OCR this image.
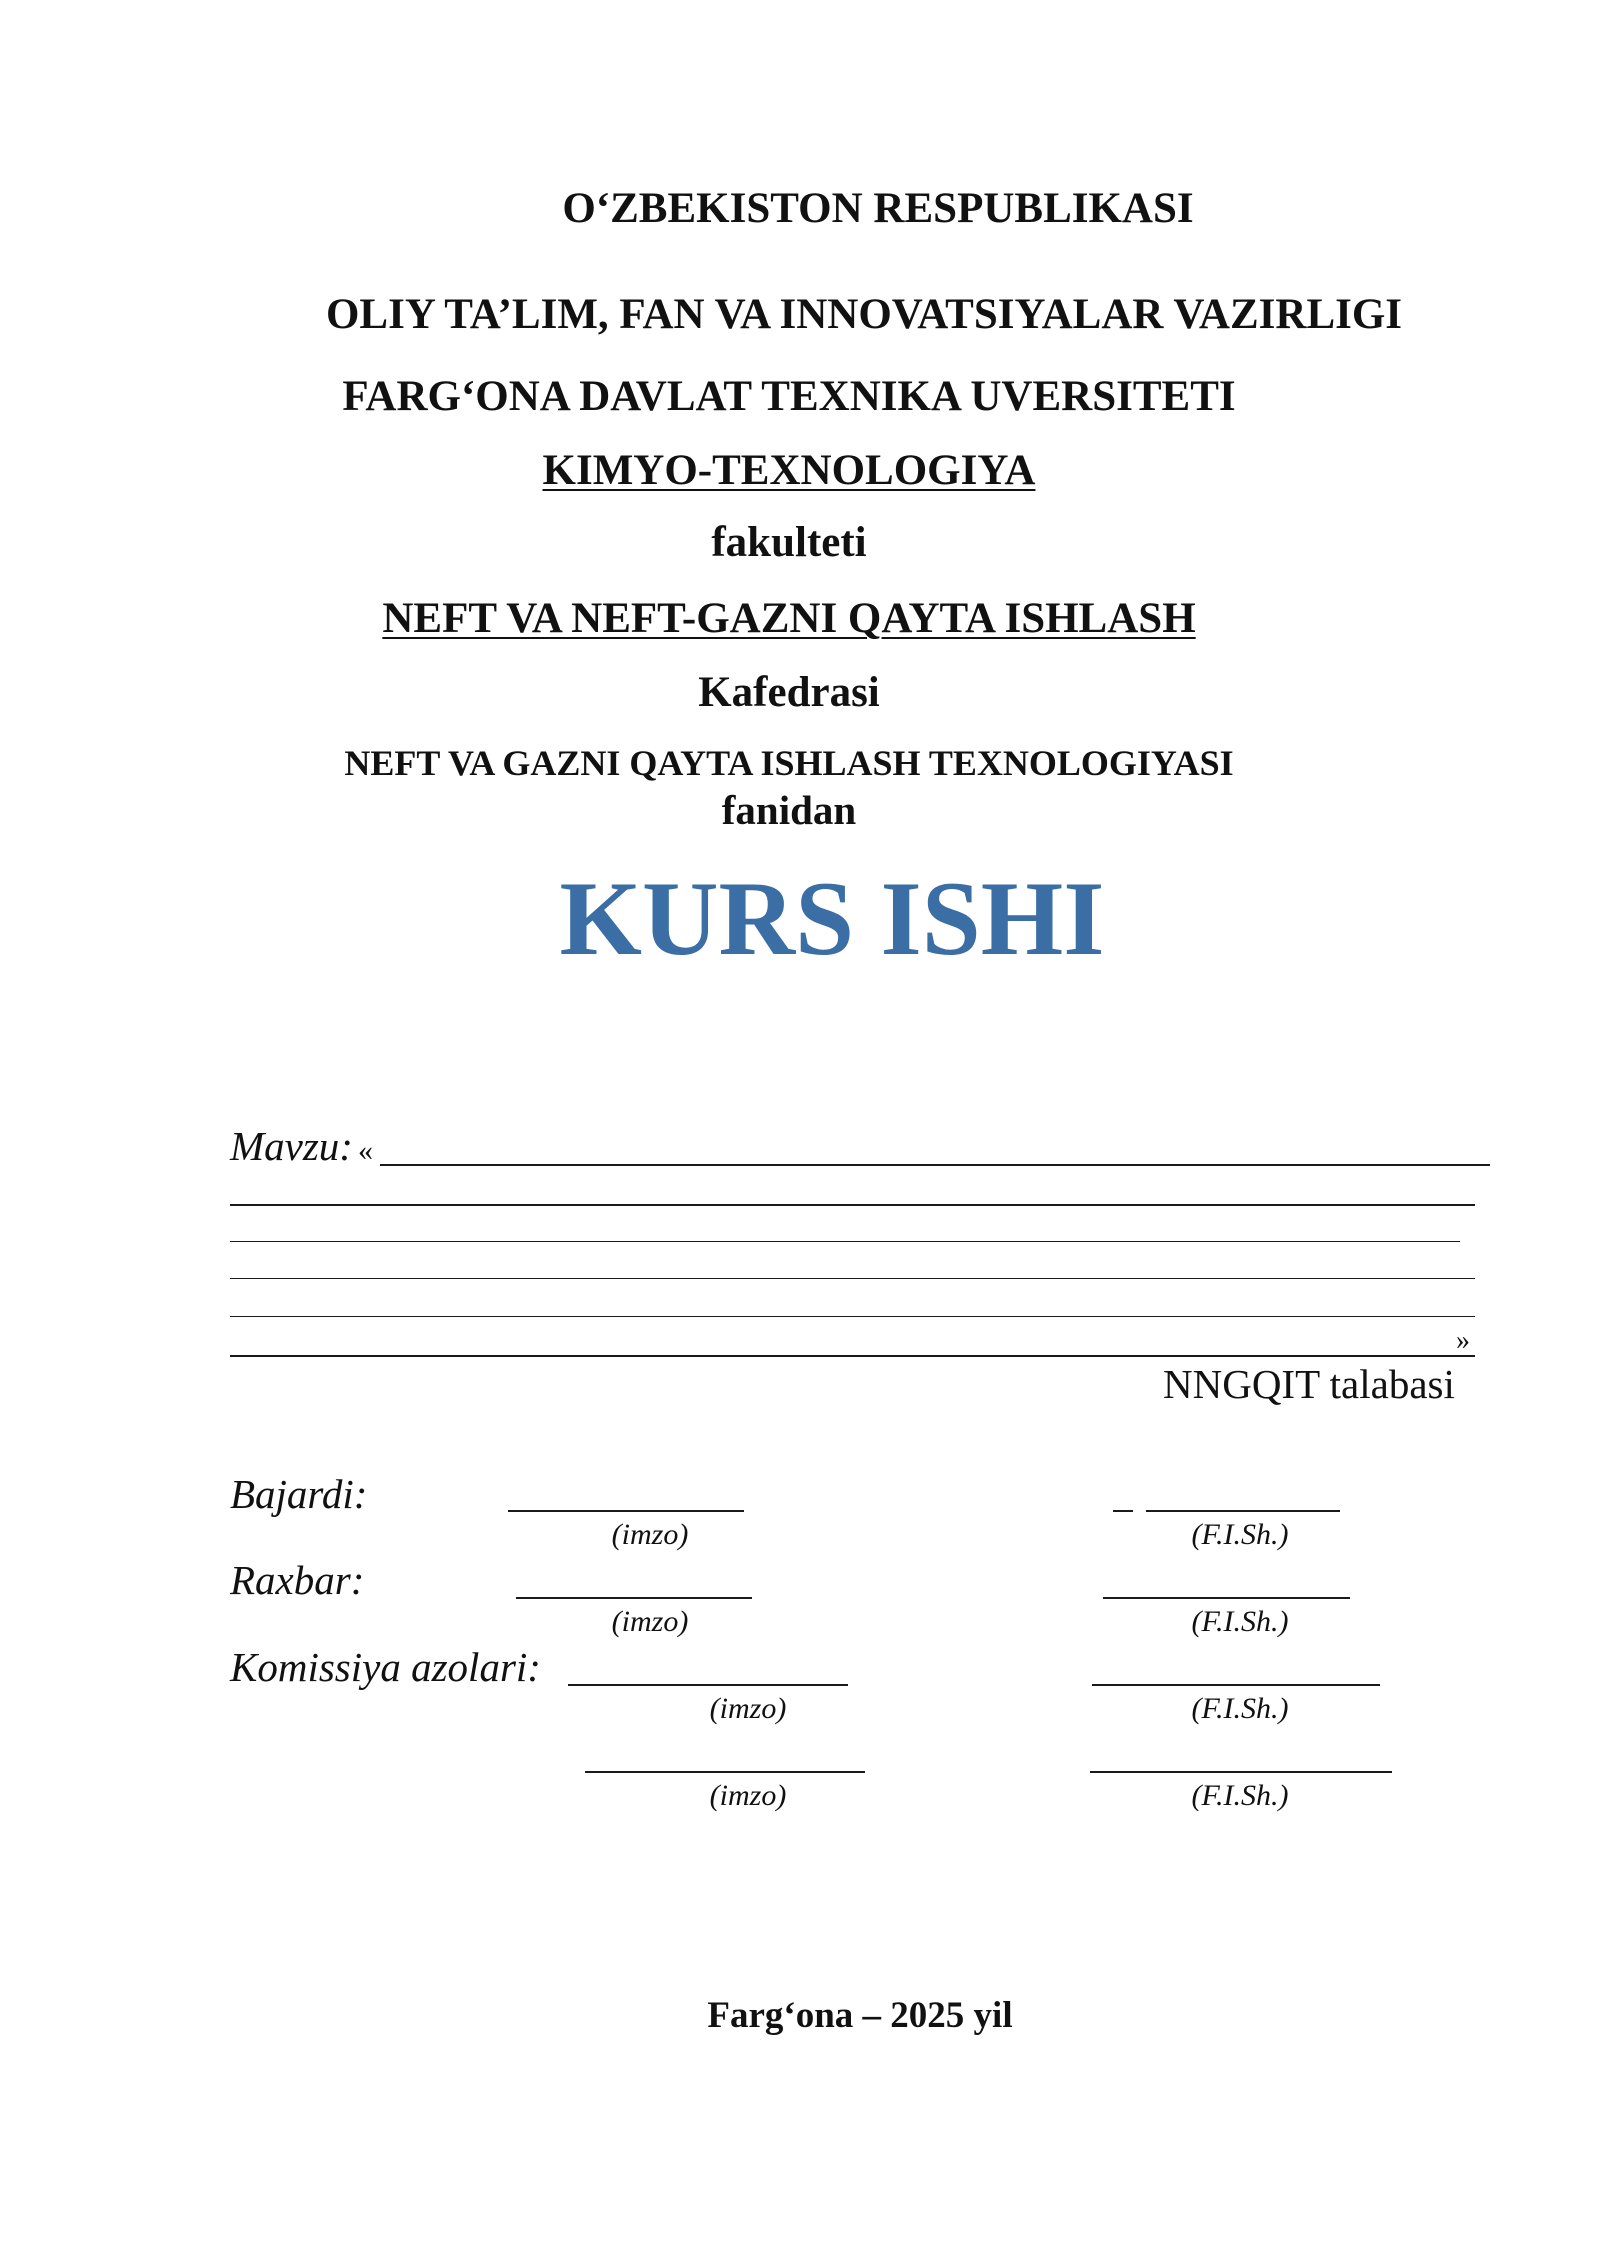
O‘ZBEKISTON RESPUBLIKASI
OLIY TA’LIM, FAN VA INNOVATSIYALAR VAZIRLIGI
FARG‘ONA DAVLAT TEXNIKA UVERSITETI
KIMYO-TEXNOLOGIYA
fakulteti
NEFT VA NEFT-GAZNI QAYTA ISHLASH
Kafedrasi
NEFT VA GAZNI QAYTA ISHLASH TEXNOLOGIYASI
fanidan
KURS ISHI
Mavzu: «
»
NNGQIT talabasi
Bajardi:
(imzo)	(F.I.Sh.)
Raxbar:
(imzo)	(F.I.Sh.)
Komissiya azolari:
(imzo)	(F.I.Sh.)
(imzo)	(F.I.Sh.)
Farg‘ona – 2025 yil
